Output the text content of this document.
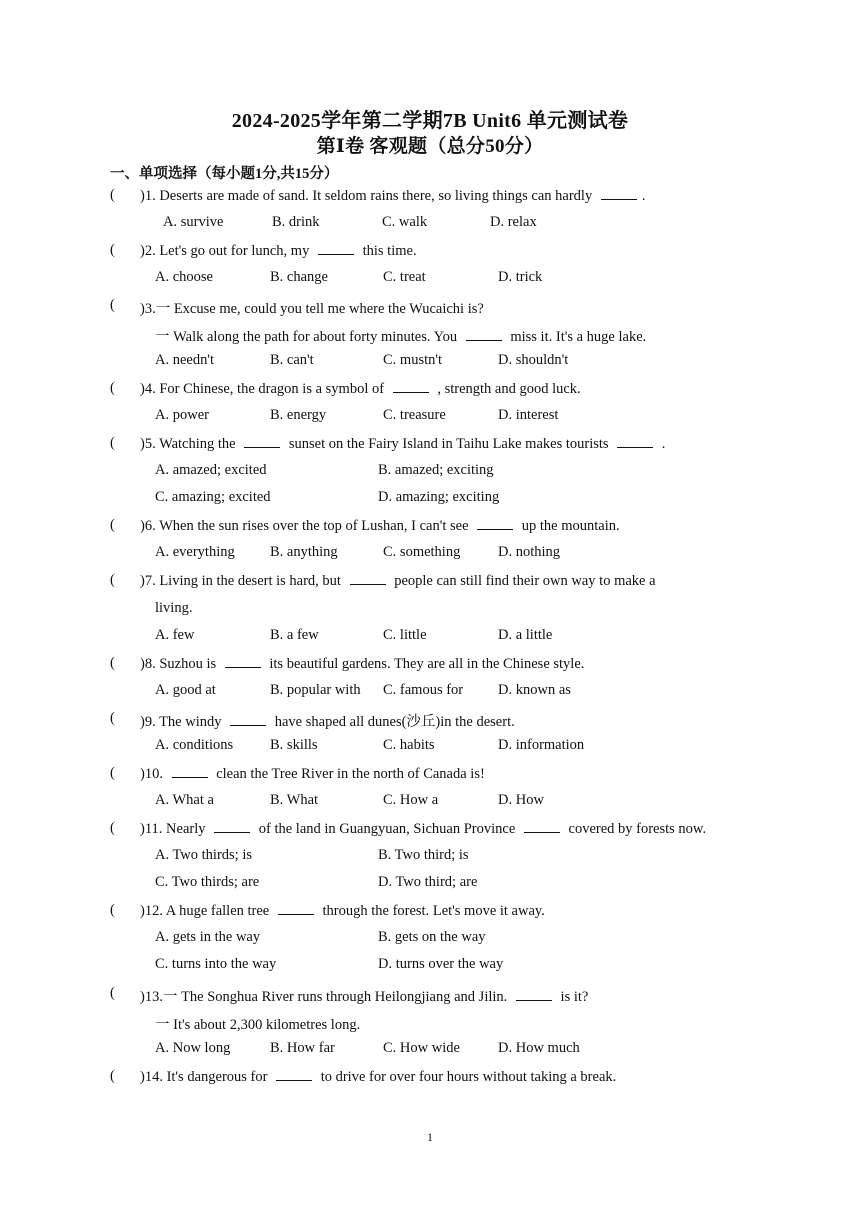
2024-2025学年第二学期7B Unit6 单元测试卷
第Ⅰ卷 客观题（总分50分）
一、单项选择（每小题1分,共15分）
( )1. Deserts are made of sand. It seldom rains there, so living things can hardly	.
A. survive	B. drink	C. walk	D. relax
( )2. Let's go out for lunch, my	this time.
A. choose	B. change	C. treat	D. trick
( )3.一 Excuse me, could you tell me where the Wucaichi is?
一 Walk along the path for about forty minutes. You	miss it. It's a huge lake.
A. needn't	B. can't	C. mustn't	D. shouldn't
( )4. For Chinese, the dragon is a symbol of	, strength and good luck.
A. power	B. energy	C. treasure	D. interest
( )5. Watching the	sunset on the Fairy Island in Taihu Lake makes tourists	.
A. amazed; excited	B. amazed; exciting
C. amazing; excited	D. amazing; exciting
( )6. When the sun rises over the top of Lushan, I can't see	up the mountain.
A. everything B. anything	C. something	D. nothing
( )7. Living in the desert is hard, but	people can still find their own way to make a
living.
A. few	B. a few	C. little	D. a little
( )8. Suzhou is	its beautiful gardens. They are all in the Chinese style.
A. good at	B. popular with C. famous for D. known as
( )9. The windy	have shaped all dunes(沙丘)in the desert.
A. conditions	B. skills	C. habits	D. information
( )10.	clean the Tree River in the north of Canada is!
A. What a	B. What	C. How a	D. How
( )11. Nearly	of the land in Guangyuan, Sichuan Province	covered by forests now.
A. Two thirds; is	B. Two third; is
C. Two thirds; are	D. Two third; are
( )12. A huge fallen tree	through the forest. Let's move it away.
A. gets in the way	B. gets on the way
C. turns into the way	D. turns over the way
( )13.一 The Songhua River runs through Heilongjiang and Jilin.	is it?
一 It's about 2,300 kilometres long.
A. Now long	B. How far	C. How wide	D. How much
( )14. It's dangerous for	to drive for over four hours without taking a break.
1
